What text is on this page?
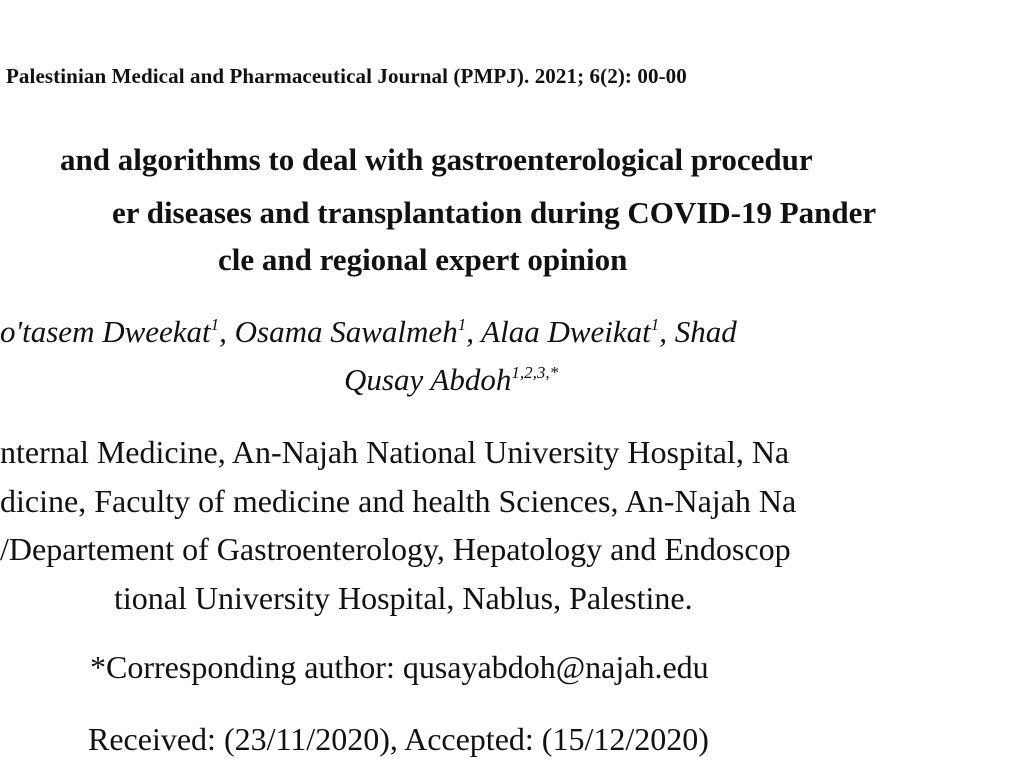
Palestinian Medical and Pharmaceutical Journal (PMPJ). 2021; 6(2): 00-00
and algorithms to deal with gastroenterological procedur
er diseases and transplantation during COVID-19 Pander
cle and regional expert opinion
o'tasem Dweekat$^1$, Osama Sawalmeh$^1$, Alaa Dweikat$^1$, Shad
Qusay Abdoh$^{1,2,3,*}$
nternal Medicine, An-Najah National University Hospital, Na
dicine, Faculty of medicine and health Sciences, An-Najah Na
/Departement of Gastroenterology, Hepatology and Endoscop
tional University Hospital, Nablus, Palestine.
*Corresponding author: qusayabdoh@najah.edu
Received: (23/11/2020), Accepted: (15/12/2020)
